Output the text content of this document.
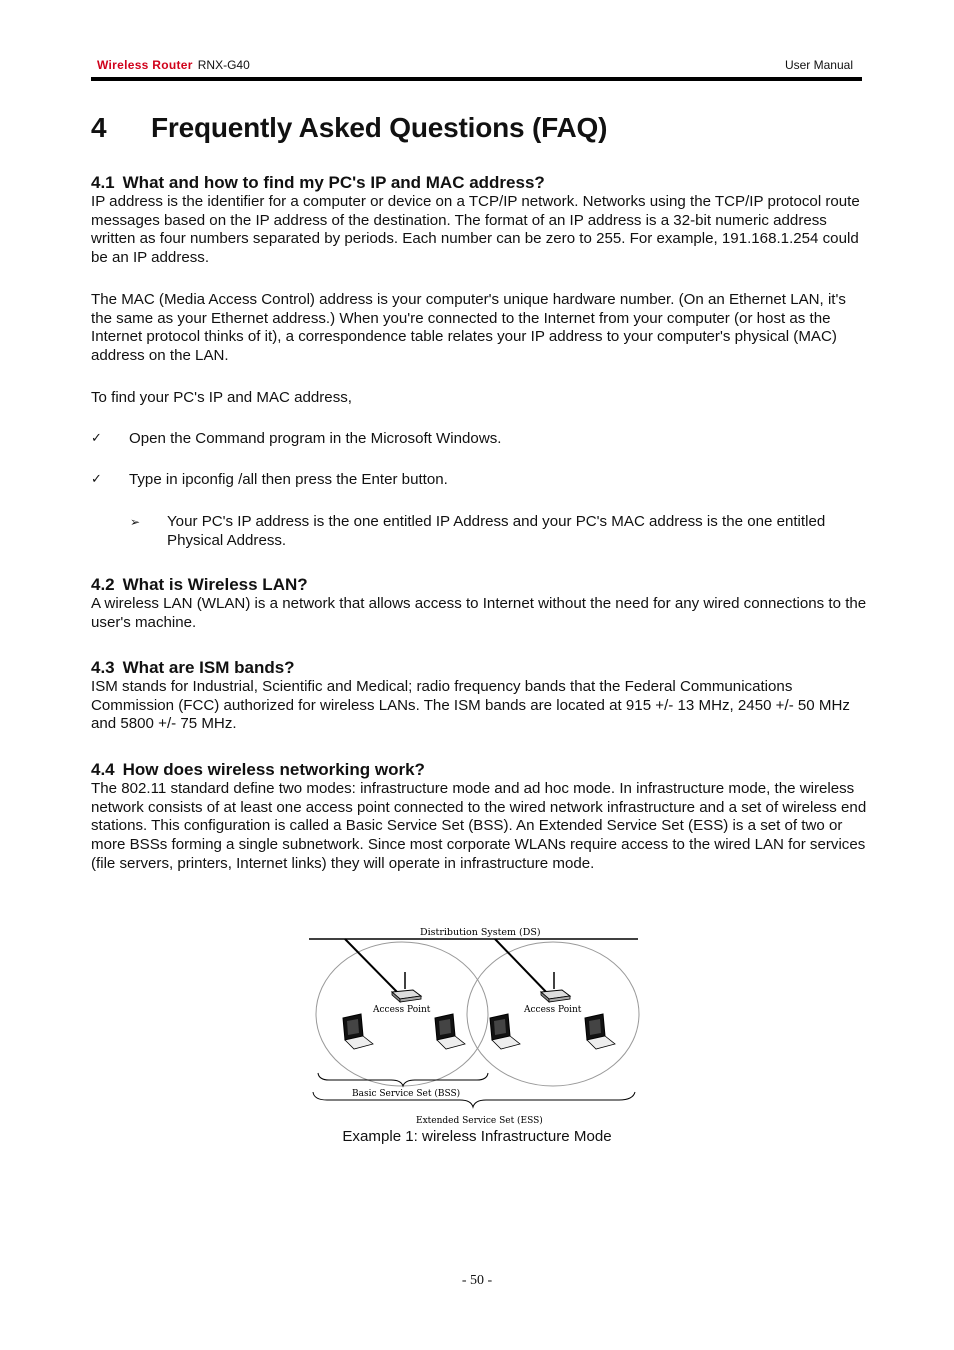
Wireless Router RNX-G40	User Manual
4 Frequently Asked Questions (FAQ)
4.1 What and how to find my PC's IP and MAC address?

IP address is the identifier for a computer or device on a TCP/IP network. Networks using the TCP/IP protocol route messages based on the IP address of the destination. The format of an IP address is a 32-bit numeric address written as four numbers separated by periods. Each number can be zero to 255. For example, 191.168.1.254 could be an IP address.

The MAC (Media Access Control) address is your computer's unique hardware number. (On an Ethernet LAN, it's the same as your Ethernet address.) When you're connected to the Internet from your computer (or host as the Internet protocol thinks of it), a correspondence table relates your IP address to your computer's physical (MAC) address on the LAN.

To find your PC's IP and MAC address,

✓ Open the Command program in the Microsoft Windows.
✓ Type in ipconfig /all then press the Enter button.
➢ Your PC's IP address is the one entitled IP Address and your PC's MAC address is the one entitled Physical Address.
4.2 What is Wireless LAN?

A wireless LAN (WLAN) is a network that allows access to Internet without the need for any wired connections to the user's machine.

4.3 What are ISM bands?

ISM stands for Industrial, Scientific and Medical; radio frequency bands that the Federal Communications Commission (FCC) authorized for wireless LANs. The ISM bands are located at 915 +/- 13 MHz, 2450 +/- 50 MHz and 5800 +/- 75 MHz.

4.4 How does wireless networking work?

The 802.11 standard define two modes: infrastructure mode and ad hoc mode. In infrastructure mode, the wireless network consists of at least one access point connected to the wired network infrastructure and a set of wireless end stations. This configuration is called a Basic Service Set (BSS). An Extended Service Set (ESS) is a set of two or more BSSs forming a single subnetwork. Since most corporate WLANs require access to the wired LAN for services (file servers, printers, Internet links) they will operate in infrastructure mode.

Distribution System (DS)
Access Point	Access Point
Basic Service Set (BSS)
Extended Service Set (ESS)
Example 1: wireless Infrastructure Mode
- 50 -
